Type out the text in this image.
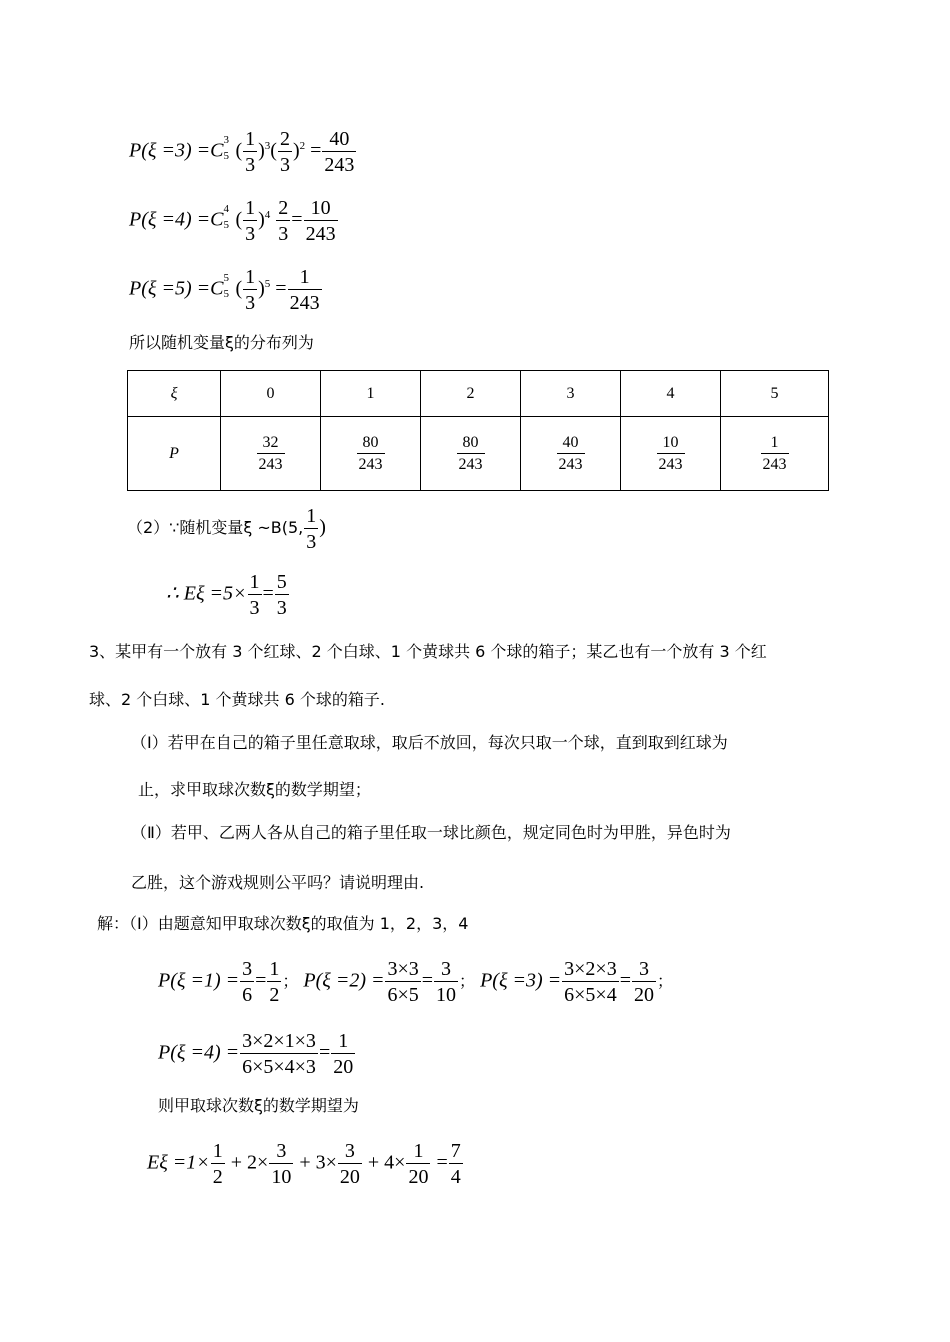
P(ξ =3) =C 3
5 ( $\frac{1}{3} )^3( \frac{2}{3} )^2 = \frac{40}{243}$
P(ξ =4) =C 4
5 ( $\frac{1}{3} )^4 \frac{2}{3} = \frac{10}{243}$
P(ξ =5) =C 5
5 ( $\frac{1}{3} )^5 = \frac{1}{243}$
所以随机变量ξ的分布列为
ξ	0	1	2	3	4	5
P	$\frac{32}{243}$	$\frac{80}{243}$	$\frac{80}{243}$	$\frac{40}{243}$	$\frac{10}{243}$	$\frac{1}{243}$
（2）∵随机变量ξ ~B(5, $\frac{1}{3}$ )
∴ $E\xi =5\times \frac{1}{3} = \frac{5}{3}$
3、某甲有一个放有 3 个红球、2 个白球、1 个黄球共 6 个球的箱子；某乙也有一个放有 3 个红
球、2 个白球、1 个黄球共 6 个球的箱子.
（Ⅰ）若甲在自己的箱子里任意取球，取后不放回，每次只取一个球，直到取到红球为
止，求甲取球次数ξ的数学期望；
（Ⅱ）若甲、乙两人各从自己的箱子里任取一球比颜色，规定同色时为甲胜，异色时为
乙胜，这个游戏规则公平吗？请说明理由.
解：（Ⅰ）由题意知甲取球次数ξ的取值为 1，2，3，4
$P(\xi =1) = \frac{3}{6} = \frac{1}{2}$ ； $P(\xi =2) = \frac{3\times 3}{6\times 5} = \frac{3}{10}$ ； $P(\xi =3) = \frac{3\times 2\times 3}{6\times 5\times 4} = \frac{3}{20}$ ；
$P(\xi =4) = \frac{3\times 2\times 1\times 3}{6\times 5\times 4\times 3} = \frac{1}{20}$
则甲取球次数ξ的数学期望为
$E\xi =1\times \frac{1}{2} + 2\times \frac{3}{10} + 3\times \frac{3}{20} + 4\times \frac{1}{20} = \frac{7}{4}$
